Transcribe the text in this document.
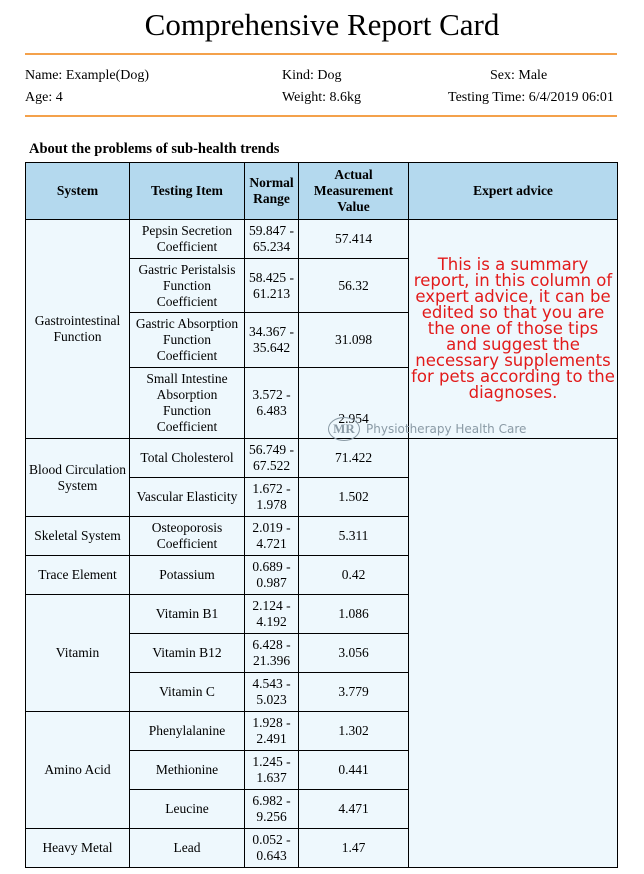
Comprehensive Report Card
Name: Example(Dog)	Kind: Dog	Sex: Male
Age: 4	Weight: 8.6kg	Testing Time: 6/4/2019 06:01
About the problems of sub-health trends
System	Testing Item	Normal Range	Actual Measurement Value	Expert advice	
Gastrointestinal Function	Pepsin Secretion Coefficient	59.847 - 65.234	57.414	This is a summary report, in this column of expert advice, it can be edited so that you are the one of those tips and suggest the necessary supplements for pets according to the diagnoses.	
	Gastric Peristalsis Function Coefficient	58.425 - 61.213	56.32		
	Gastric Absorption Function Coefficient	34.367 - 35.642	31.098		
	Small Intestine Absorption Function Coefficient	3.572 - 6.483	2.954		
Blood Circulation System	Total Cholesterol	56.749 - 67.522	71.422		
	Vascular Elasticity	1.672 - 1.978	1.502		
Skeletal System	Osteoporosis Coefficient	2.019 - 4.721	5.311		
Trace Element	Potassium	0.689 - 0.987	0.42		
Vitamin	Vitamin B1	2.124 - 4.192	1.086		
	Vitamin B12	6.428 - 21.396	3.056		
	Vitamin C	4.543 - 5.023	3.779		
Amino Acid	Phenylalanine	1.928 - 2.491	1.302		
	Methionine	1.245 - 1.637	0.441		
	Leucine	6.982 - 9.256	4.471		
Heavy Metal	Lead	0.052 - 0.643	1.47		
MR Physiotherapy Health Care
